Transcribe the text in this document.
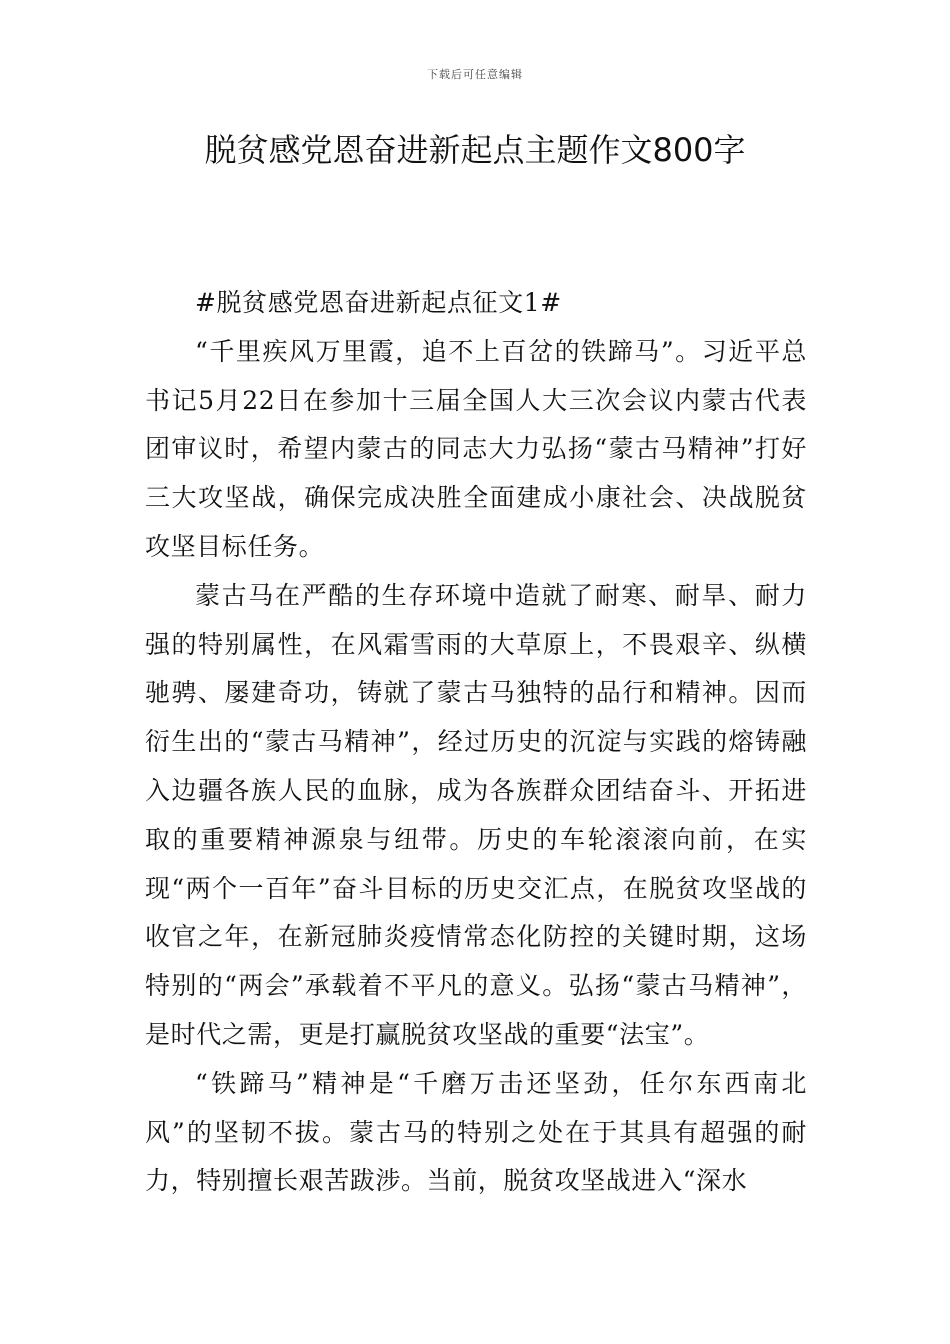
下载后可任意编辑
脱贫感党恩奋进新起点主题作文800字

#脱贫感党恩奋进新起点征文1#

“千里疾风万里霞，追不上百岔的铁蹄马”。习近平总书记5月22日在参加十三届全国人大三次会议内蒙古代表团审议时，希望内蒙古的同志大力弘扬“蒙古马精神”打好三大攻坚战，确保完成决胜全面建成小康社会、决战脱贫攻坚目标任务。

蒙古马在严酷的生存环境中造就了耐寒、耐旱、耐力强的特别属性，在风霜雪雨的大草原上，不畏艰辛、纵横驰骋、屡建奇功，铸就了蒙古马独特的品行和精神。因而衍生出的“蒙古马精神”，经过历史的沉淀与实践的熔铸融入边疆各族人民的血脉，成为各族群众团结奋斗、开拓进取的重要精神源泉与纽带。历史的车轮滚滚向前，在实现“两个一百年”奋斗目标的历史交汇点，在脱贫攻坚战的收官之年，在新冠肺炎疫情常态化防控的关键时期，这场特别的“两会”承载着不平凡的意义。弘扬“蒙古马精神”，是时代之需，更是打赢脱贫攻坚战的重要“法宝”。

“铁蹄马”精神是“千磨万击还坚劲，任尔东西南北风”的坚韧不拔。蒙古马的特别之处在于其具有超强的耐力，特别擅长艰苦跋涉。当前，脱贫攻坚战进入“深水
